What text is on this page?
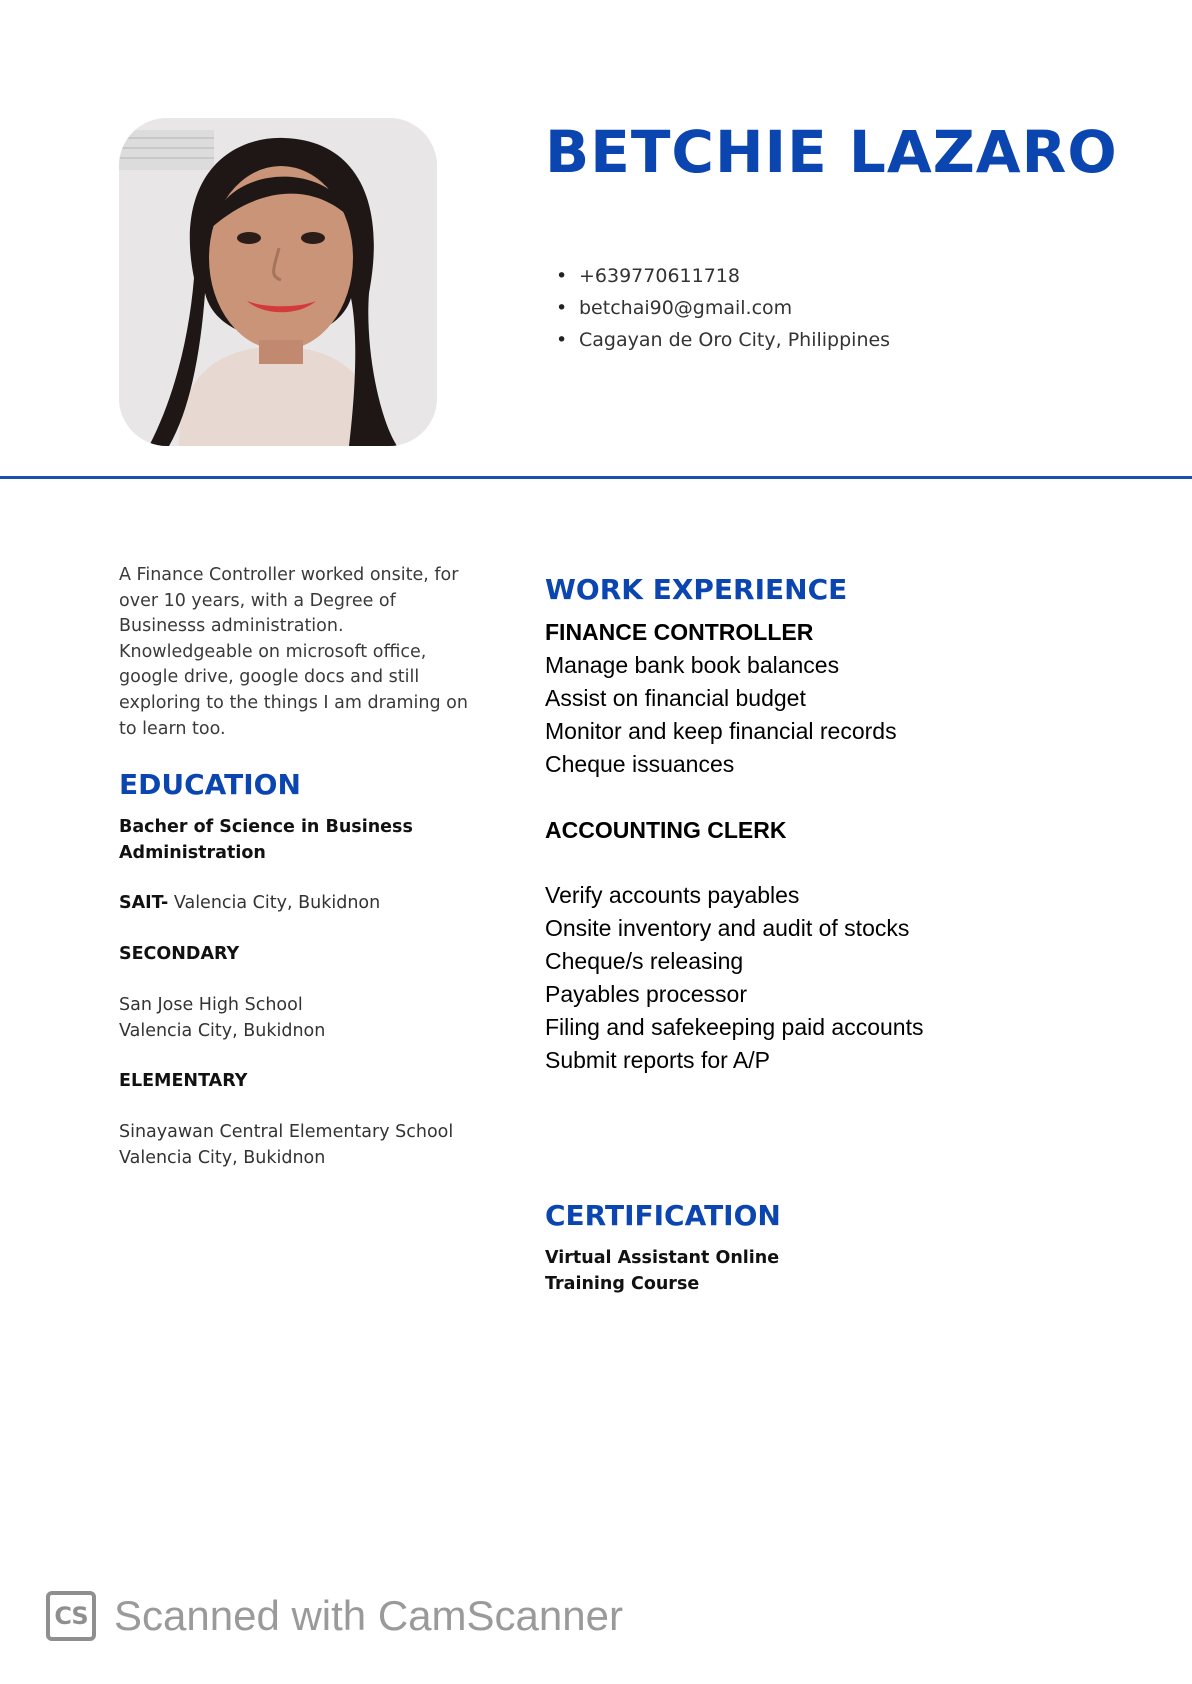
BETCHIE LAZARO
• +639770611718
• betchai90@gmail.com
• Cagayan de Oro City, Philippines
A Finance Controller worked onsite, for over 10 years, with a Degree of Businesss administration. Knowledgeable on microsoft office, google drive, google docs and still exploring to the things I am draming on to learn too.
EDUCATION
Bacher of Science in Business Administration
SAIT- Valencia City, Bukidnon
SECONDARY
San Jose High School
Valencia City, Bukidnon
ELEMENTARY
Sinayawan Central Elementary School
Valencia City, Bukidnon
WORK EXPERIENCE
FINANCE CONTROLLER
Manage bank book balances
Assist on financial budget
Monitor and keep financial records
Cheque issuances
ACCOUNTING CLERK
Verify accounts payables
Onsite inventory and audit of stocks
Cheque/s releasing
Payables processor
Filing and safekeeping paid accounts
Submit reports for A/P
CERTIFICATION
Virtual Assistant Online Training Course
CS Scanned with CamScanner
